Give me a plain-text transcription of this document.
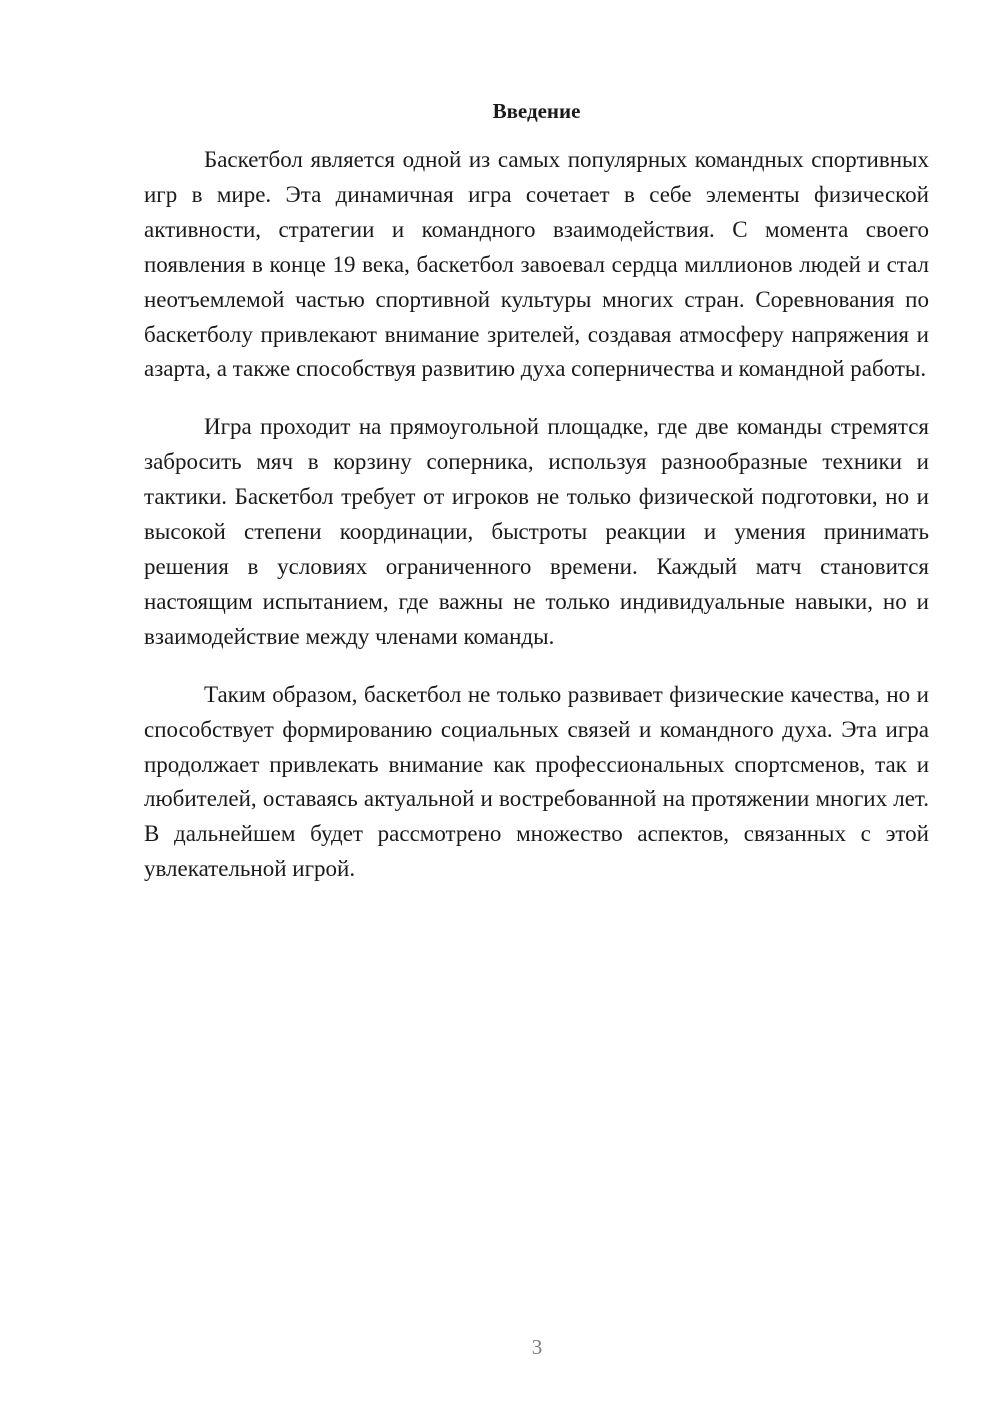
Введение

Баскетбол является одной из самых популярных командных спортивных игр в мире. Эта динамичная игра сочетает в себе элементы физической активности, стратегии и командного взаимодействия. С момента своего появления в конце 19 века, баскетбол завоевал сердца миллионов людей и стал неотъемлемой частью спортивной культуры многих стран. Соревнования по баскетболу привлекают внимание зрителей, создавая атмосферу напряжения и азарта, а также способствуя развитию духа соперничества и командной работы.

Игра проходит на прямоугольной площадке, где две команды стремятся забросить мяч в корзину соперника, используя разнообразные техники и тактики. Баскетбол требует от игроков не только физической подготовки, но и высокой степени координации, быстроты реакции и умения принимать решения в условиях ограниченного времени. Каждый матч становится настоящим испытанием, где важны не только индивидуальные навыки, но и взаимодействие между членами команды.

Таким образом, баскетбол не только развивает физические качества, но и способствует формированию социальных связей и командного духа. Эта игра продолжает привлекать внимание как профессиональных спортсменов, так и любителей, оставаясь актуальной и востребованной на протяжении многих лет. В дальнейшем будет рассмотрено множество аспектов, связанных с этой увлекательной игрой.

3
